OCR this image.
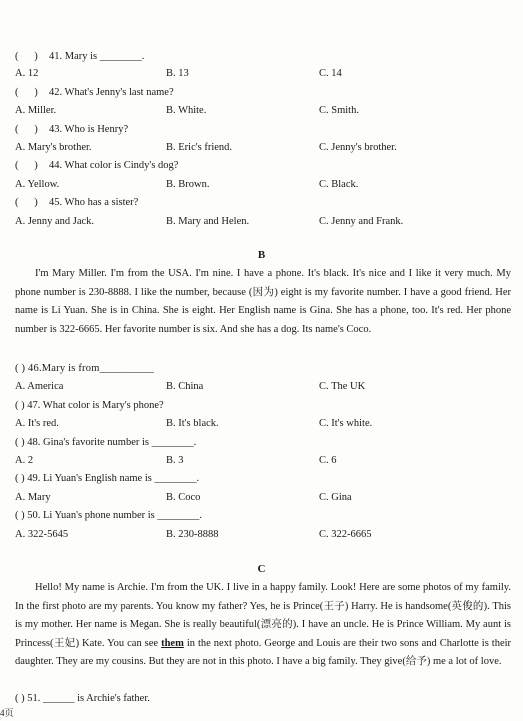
(      ) 41. Mary is ________.
A. 12	B. 13	C. 14
(      ) 42. What's Jenny's last name?
A. Miller.	B. White.	C. Smith.
(      ) 43. Who is Henry?
A. Mary's brother.	B. Eric's friend.	C. Jenny's brother.
(      ) 44. What color is Cindy's dog?
A. Yellow.	B. Brown.	C. Black.
(      ) 45. Who has a sister?
A. Jenny and Jack.	B. Mary and Helen.	C. Jenny and Frank.
B
I'm Mary Miller. I'm from the USA. I'm nine. I have a phone. It's black. It's nice and I like it very much. My phone number is 230-8888. I like the number, because (因为) eight is my favorite number. I have a good friend. Her name is Li Yuan. She is in China. She is eight. Her English name is Gina. She has a phone, too. It's red. Her phone number is 322-6665. Her favorite number is six. And she has a dog. Its name's Coco.
( ) 46.Mary is from__________
A. America	B. China	C. The UK
( ) 47. What color is Mary's phone?
A. It's red.	B. It's black.	C. It's white.
( ) 48. Gina's favorite number is ________.
A. 2	B. 3	C. 6
( ) 49. Li Yuan's English name is ________.
A. Mary	B. Coco	C. Gina
( ) 50. Li Yuan's phone number is ________.
A. 322-5645	B. 230-8888	C. 322-6665
C
Hello! My name is Archie. I'm from the UK. I live in a happy family. Look! Here are some photos of my family. In the first photo are my parents. You know my father? Yes, he is Prince(王子) Harry. He is handsome(英俊的). This is my mother. Her name is Megan. She is really beautiful(漂亮的). I have an uncle. He is Prince William. My aunt is Princess(王妃) Kate. You can see them in the next photo. George and Louis are their two sons and Charlotte is their daughter. They are my cousins. But they are not in this photo. I have a big family. They give(给予) me a lot of love.
( ) 51. ______ is Archie's father.
4页
